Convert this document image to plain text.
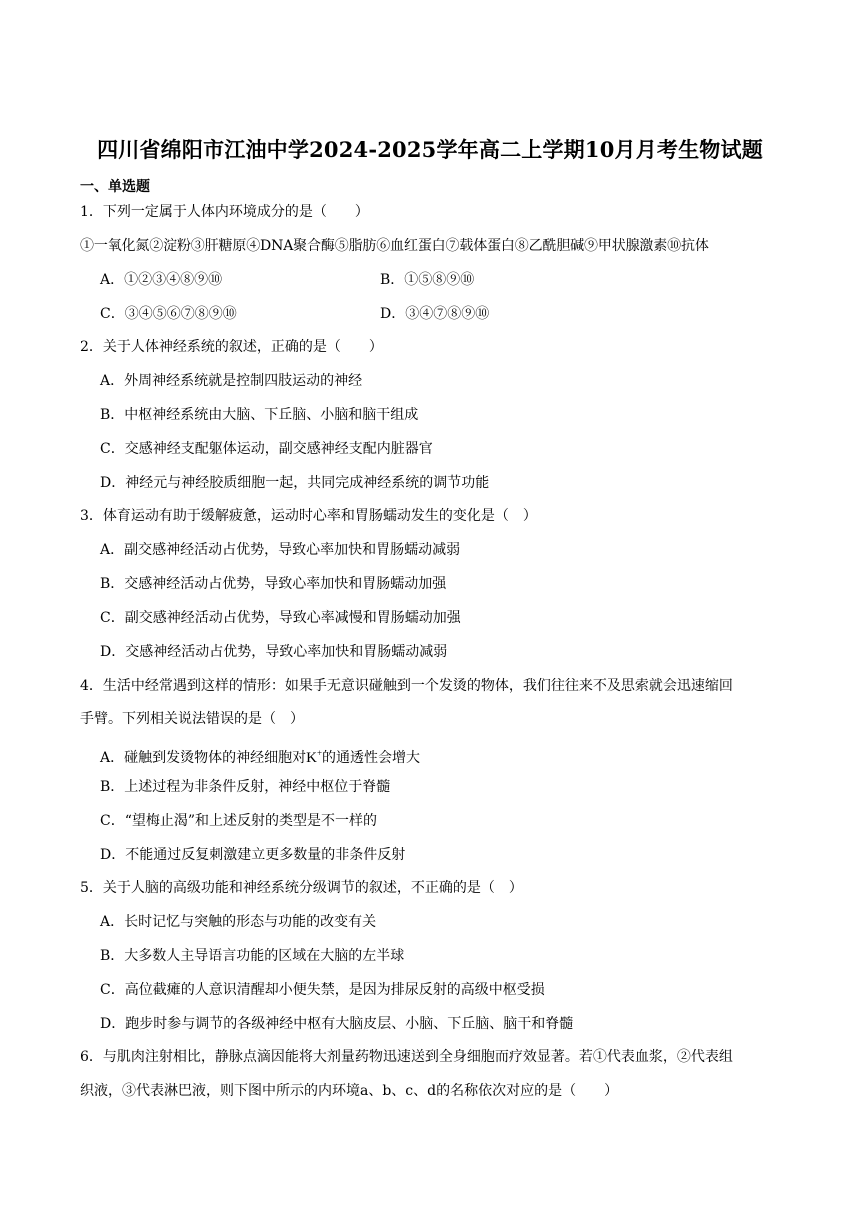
四川省绵阳市江油中学2024-2025学年高二上学期10月月考生物试题
一、单选题
1．下列一定属于人体内环境成分的是（　　）
①一氧化氮②淀粉③肝糖原④DNA聚合酶⑤脂肪⑥血红蛋白⑦载体蛋白⑧乙酰胆碱⑨甲状腺激素⑩抗体
A．①②③④⑧⑨⑩	B．①⑤⑧⑨⑩
C．③④⑤⑥⑦⑧⑨⑩	D．③④⑦⑧⑨⑩
2．关于人体神经系统的叙述，正确的是（　　）
A．外周神经系统就是控制四肢运动的神经
B．中枢神经系统由大脑、下丘脑、小脑和脑干组成
C．交感神经支配躯体运动，副交感神经支配内脏器官
D．神经元与神经胶质细胞一起，共同完成神经系统的调节功能
3．体育运动有助于缓解疲惫，运动时心率和胃肠蠕动发生的变化是（　）
A．副交感神经活动占优势，导致心率加快和胃肠蠕动减弱
B．交感神经活动占优势，导致心率加快和胃肠蠕动加强
C．副交感神经活动占优势，导致心率减慢和胃肠蠕动加强
D．交感神经活动占优势，导致心率加快和胃肠蠕动减弱
4．生活中经常遇到这样的情形：如果手无意识碰触到一个发烫的物体，我们往往来不及思索就会迅速缩回
手臂。下列相关说法错误的是（　）
A．碰触到发烫物体的神经细胞对K+的通透性会增大
B．上述过程为非条件反射，神经中枢位于脊髓
C．“望梅止渴”和上述反射的类型是不一样的
D．不能通过反复刺激建立更多数量的非条件反射
5．关于人脑的高级功能和神经系统分级调节的叙述，不正确的是（　）
A．长时记忆与突触的形态与功能的改变有关
B．大多数人主导语言功能的区域在大脑的左半球
C．高位截瘫的人意识清醒却小便失禁，是因为排尿反射的高级中枢受损
D．跑步时参与调节的各级神经中枢有大脑皮层、小脑、下丘脑、脑干和脊髓
6．与肌肉注射相比，静脉点滴因能将大剂量药物迅速送到全身细胞而疗效显著。若①代表血浆，②代表组
织液，③代表淋巴液，则下图中所示的内环境a、b、c、d的名称依次对应的是（　　）
